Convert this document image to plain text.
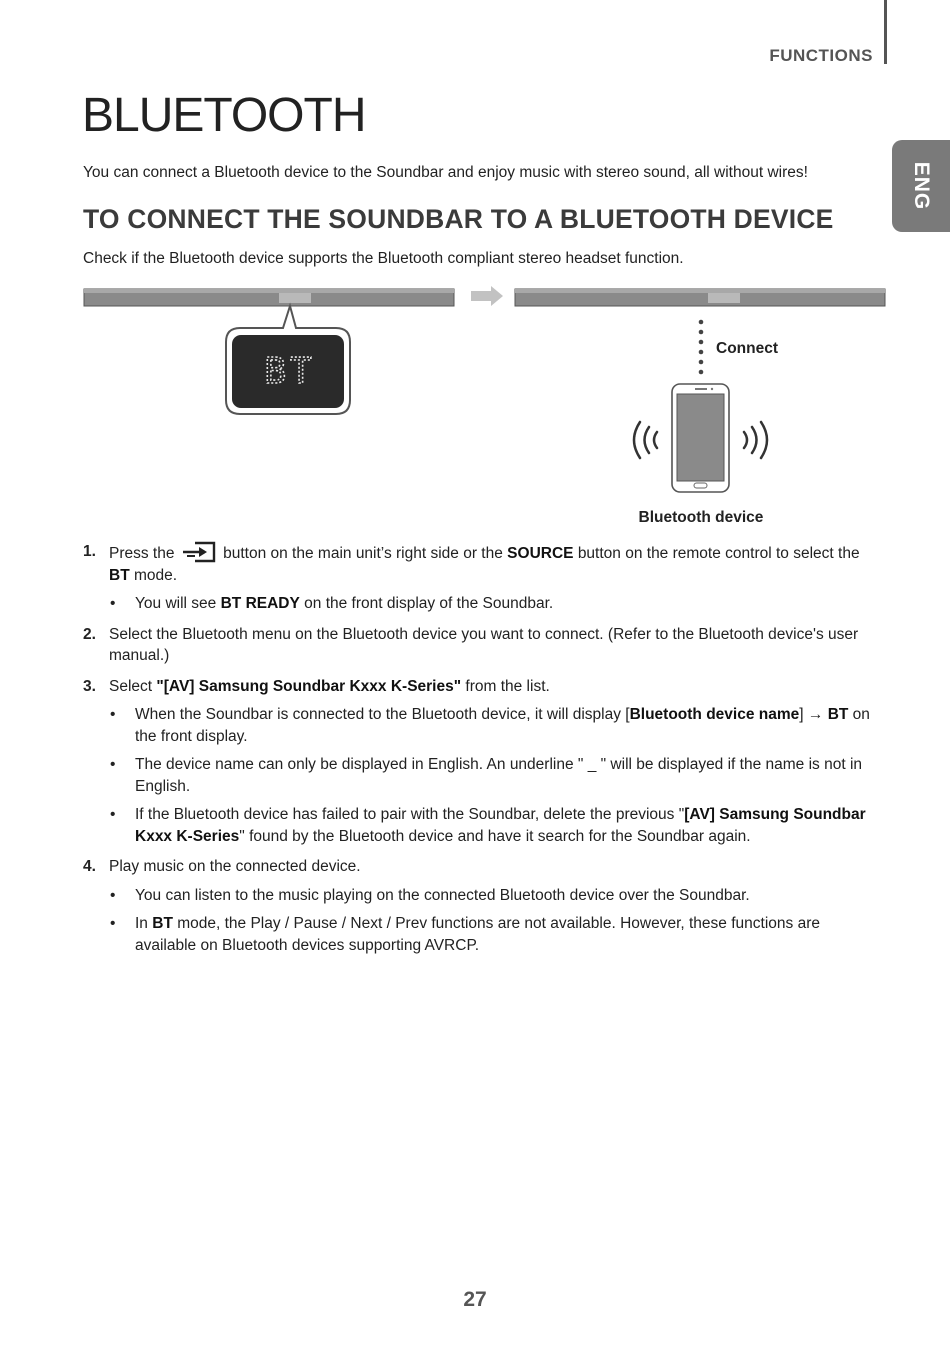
FUNCTIONS
ENG
BLUETOOTH

You can connect a Bluetooth device to the Soundbar and enjoy music with stereo sound, all without wires!

TO CONNECT THE SOUNDBAR TO A BLUETOOTH DEVICE

Check if the Bluetooth device supports the Bluetooth compliant stereo headset function.

BT
Connect
Bluetooth device
1. Press the	button on the main unit’s right side or the SOURCE button on the remote control to select the BT mode.
• You will see BT READY on the front display of the Soundbar.
2. Select the Bluetooth menu on the Bluetooth device you want to connect. (Refer to the Bluetooth device's user manual.)
3. Select "[AV] Samsung Soundbar Kxxx K-Series" from the list.
• When the Soundbar is connected to the Bluetooth device, it will display [Bluetooth device name] → BT on the front display.
• The device name can only be displayed in English. An underline " _ " will be displayed if the name is not in English.
• If the Bluetooth device has failed to pair with the Soundbar, delete the previous "[AV] Samsung Soundbar Kxxx K-Series" found by the Bluetooth device and have it search for the Soundbar again.
4. Play music on the connected device.
• You can listen to the music playing on the connected Bluetooth device over the Soundbar.
• In BT mode, the Play / Pause / Next / Prev functions are not available. However, these functions are available on Bluetooth devices supporting AVRCP.
27
